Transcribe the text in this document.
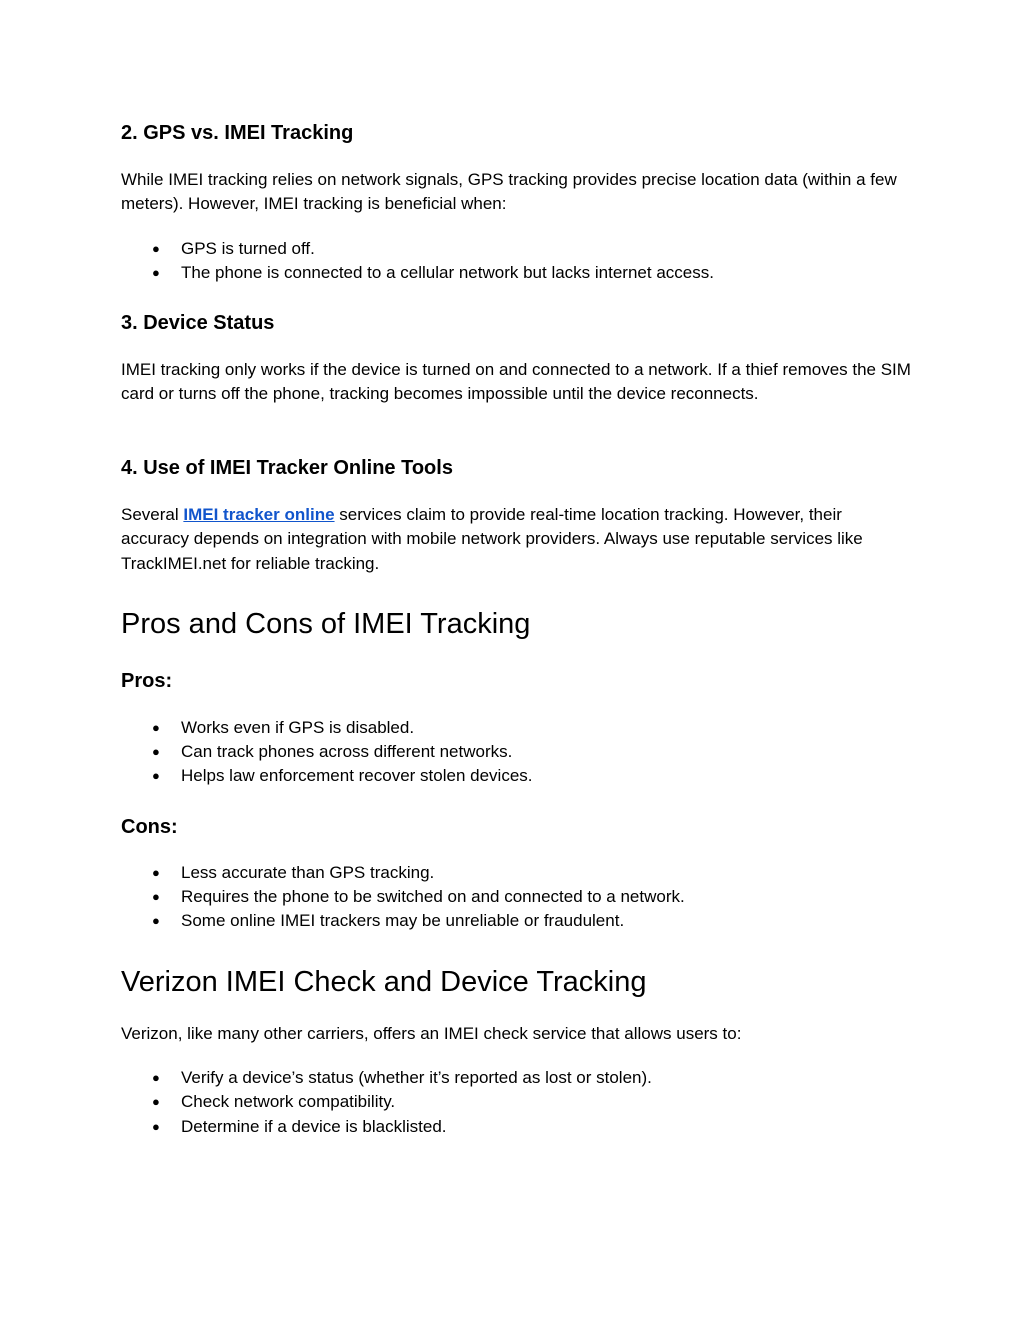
2. GPS vs. IMEI Tracking

While IMEI tracking relies on network signals, GPS tracking provides precise location data (within a few meters). However, IMEI tracking is beneficial when:

● GPS is turned off.
● The phone is connected to a cellular network but lacks internet access.
3. Device Status

IMEI tracking only works if the device is turned on and connected to a network. If a thief removes the SIM card or turns off the phone, tracking becomes impossible until the device reconnects.

4. Use of IMEI Tracker Online Tools

Several IMEI tracker online services claim to provide real-time location tracking. However, their accuracy depends on integration with mobile network providers. Always use reputable services like TrackIMEI.net for reliable tracking.

Pros and Cons of IMEI Tracking
Pros:
● Works even if GPS is disabled.
● Can track phones across different networks.
● Helps law enforcement recover stolen devices.
Cons:
● Less accurate than GPS tracking.
● Requires the phone to be switched on and connected to a network.
● Some online IMEI trackers may be unreliable or fraudulent.
Verizon IMEI Check and Device Tracking

Verizon, like many other carriers, offers an IMEI check service that allows users to:

● Verify a device’s status (whether it’s reported as lost or stolen).
● Check network compatibility.
● Determine if a device is blacklisted.
